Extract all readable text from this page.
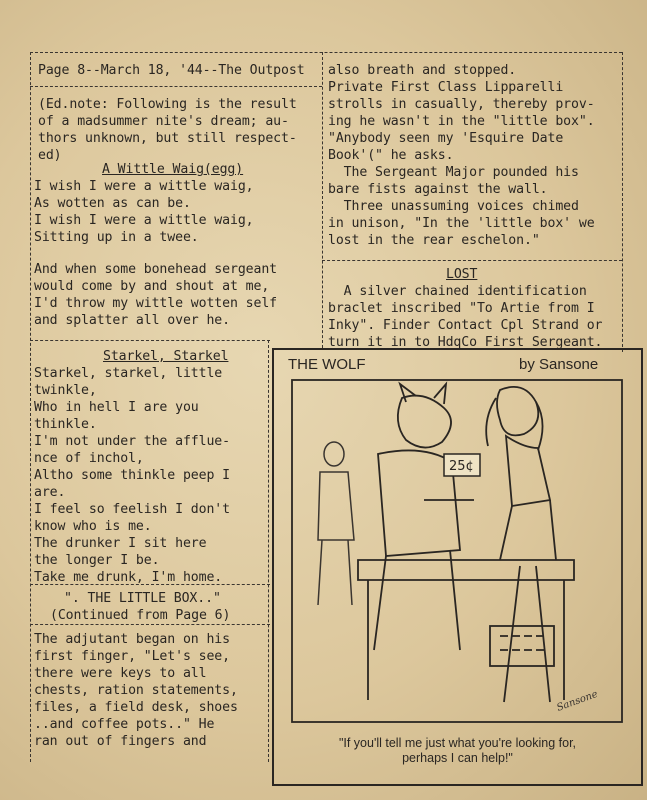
Page 8--March 18, '44--The Outpost
(Ed.note: Following is the result
of a madsummer nite's dream; au-
thors unknown, but still respect-
ed)
A Wittle Waig(egg)
I wish I were a wittle waig,
As wotten as can be.
I wish I were a wittle waig,
Sitting up in a twee.
And when some bonehead sergeant
would come by and shout at me,
I'd throw my wittle wotten self
and splatter all over he.
Starkel, Starkel
Starkel, starkel, little
twinkle,
Who in hell I are you
thinkle.
I'm not under the afflue-
nce of inchol,
Altho some thinkle peep I
are.
I feel so feelish I don't
know who is me.
The drunker I sit here
the longer I be.
Take me drunk, I'm home.
". THE LITTLE BOX.."
(Continued from Page 6)
The adjutant began on his
first finger, "Let's see,
there were keys to all
chests, ration statements,
files, a field desk, shoes
..and coffee pots.." He
ran out of fingers and
also breath and stopped.
Private First Class Lipparelli
strolls in casually, thereby prov-
ing he wasn't in the "little box".
"Anybody seen my 'Esquire Date
Book'(" he asks.
The Sergeant Major pounded his
bare fists against the wall.
Three unassuming voices chimed
in unison, "In the 'little box' we
lost in the rear eschelon."
LOST
A silver chained identification
braclet inscribed "To Artie from I
Inky". Finder Contact Cpl Strand or
turn it in to HdqCo First Sergeant.
THE WOLF	by Sansone
25¢
Sansone
"If you'll tell me just what you're looking for,
perhaps I can help!"
